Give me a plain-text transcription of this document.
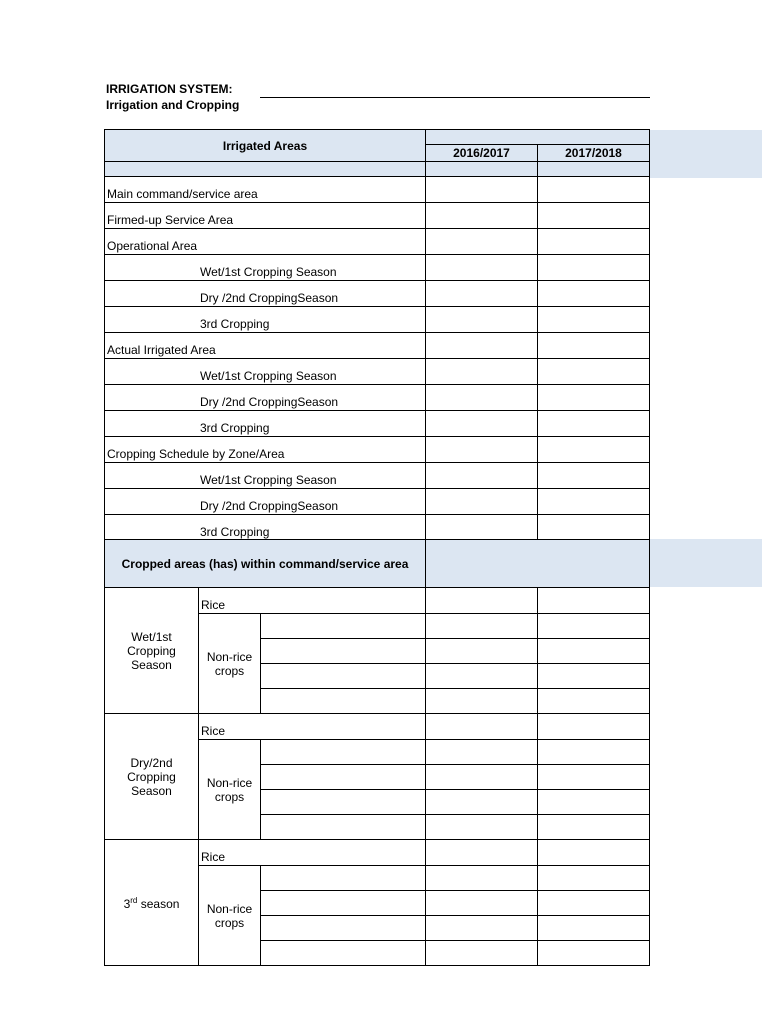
IRRIGATION SYSTEM:
Irrigation and Cropping
Irrigated Areas		
	2016/2017	2017/2018

Main command/service area		
Firmed-up Service Area		
Operational Area		
Wet/1st Cropping Season		
Dry /2nd CroppingSeason		
3rd Cropping		
Actual Irrigated Area		
Wet/1st Cropping Season		
Dry /2nd CroppingSeason		
3rd Cropping		
Cropping Schedule by Zone/Area		
Wet/1st Cropping Season		
Dry /2nd CroppingSeason		
3rd Cropping		

Cropped areas (has) within command/service area				

Wet/1st Cropping Season	Rice			

	Non-rice crops			

Dry/2nd Cropping Season	Rice			

	Non-rice crops			

3rd season	Rice			

	Non-rice crops			
